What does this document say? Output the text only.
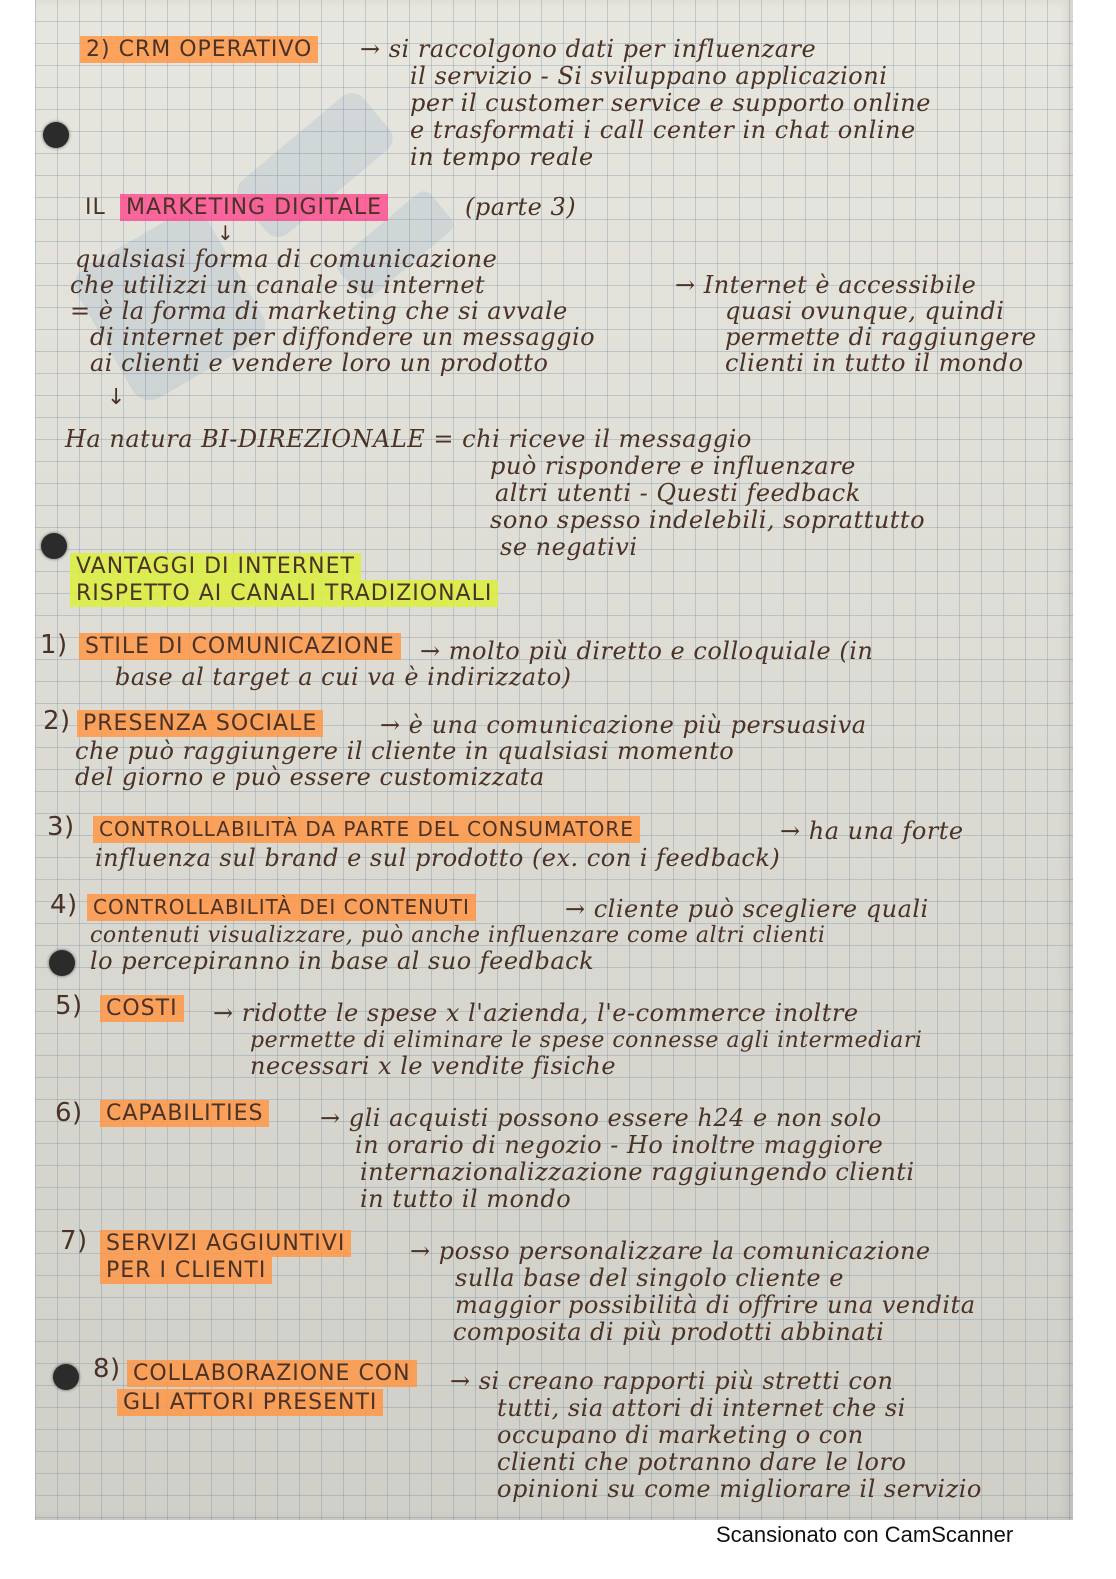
2) CRM OPERATIVO → si raccolgono dati per influenzare
il servizio - Si sviluppano applicazioni
per il customer service e supporto online
e trasformati i call center in chat online
in tempo reale
IL MARKETING DIGITALE	(parte 3)
↓
qualsiasi forma di comunicazione
che utilizzi un canale su internet
= è la forma di marketing che si avvale
di internet per diffondere un messaggio
ai clienti e vendere loro un prodotto
→ Internet è accessibile
quasi ovunque, quindi
permette di raggiungere
clienti in tutto il mondo
↓
Ha natura BI-DIREZIONALE = chi riceve il messaggio
può rispondere e influenzare
altri utenti - Questi feedback
sono spesso indelebili, soprattutto
se negativi
VANTAGGI DI INTERNET
RISPETTO AI CANALI TRADIZIONALI
1) STILE DI COMUNICAZIONE → molto più diretto e colloquiale (in
base al target a cui va è indirizzato)
2) PRESENZA SOCIALE	→ è una comunicazione più persuasiva
che può raggiungere il cliente in qualsiasi momento
del giorno e può essere customizzata
3)	CONTROLLABILITÀ DA PARTE DEL CONSUMATORE	→ ha una forte
influenza sul brand e sul prodotto (ex. con i feedback)
4) CONTROLLABILITÀ DEI CONTENUTI	→ cliente può scegliere quali
contenuti visualizzare, può anche influenzare come altri clienti
lo percepiranno in base al suo feedback
5) COSTI → ridotte le spese x l'azienda, l'e-commerce inoltre
permette di eliminare le spese connesse agli intermediari
necessari x le vendite fisiche
6) CAPABILITIES → gli acquisti possono essere h24 e non solo
in orario di negozio - Ho inoltre maggiore
internazionalizzazione raggiungendo clienti
in tutto il mondo
7) SERVIZI AGGIUNTIVI
PER I CLIENTI
→ posso personalizzare la comunicazione
sulla base del singolo cliente e
maggior possibilità di offrire una vendita
composita di più prodotti abbinati
8) COLLABORAZIONE CON
GLI ATTORI PRESENTI
→ si creano rapporti più stretti con
tutti, sia attori di internet che si
occupano di marketing o con
clienti che potranno dare le loro
opinioni su come migliorare il servizio
Scansionato con CamScanner
